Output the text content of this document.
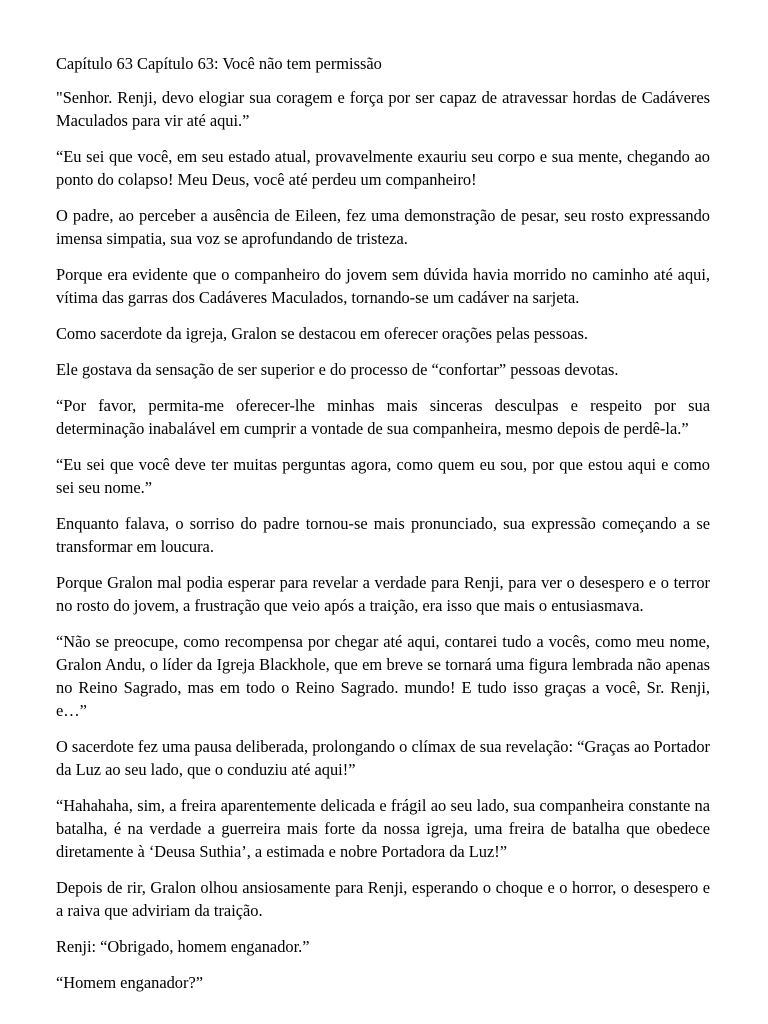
Capítulo 63 Capítulo 63: Você não tem permissão

"Senhor. Renji, devo elogiar sua coragem e força por ser capaz de atravessar hordas de Cadáveres Maculados para vir até aqui.”

“Eu sei que você, em seu estado atual, provavelmente exauriu seu corpo e sua mente, chegando ao ponto do colapso! Meu Deus, você até perdeu um companheiro!

O padre, ao perceber a ausência de Eileen, fez uma demonstração de pesar, seu rosto expressando imensa simpatia, sua voz se aprofundando de tristeza.

Porque era evidente que o companheiro do jovem sem dúvida havia morrido no caminho até aqui, vítima das garras dos Cadáveres Maculados, tornando-se um cadáver na sarjeta.

Como sacerdote da igreja, Gralon se destacou em oferecer orações pelas pessoas.

Ele gostava da sensação de ser superior e do processo de “confortar” pessoas devotas.

“Por favor, permita-me oferecer-lhe minhas mais sinceras desculpas e respeito por sua determinação inabalável em cumprir a vontade de sua companheira, mesmo depois de perdê-la.”

“Eu sei que você deve ter muitas perguntas agora, como quem eu sou, por que estou aqui e como sei seu nome.”

Enquanto falava, o sorriso do padre tornou-se mais pronunciado, sua expressão começando a se transformar em loucura.

Porque Gralon mal podia esperar para revelar a verdade para Renji, para ver o desespero e o terror no rosto do jovem, a frustração que veio após a traição, era isso que mais o entusiasmava.

“Não se preocupe, como recompensa por chegar até aqui, contarei tudo a vocês, como meu nome, Gralon Andu, o líder da Igreja Blackhole, que em breve se tornará uma figura lembrada não apenas no Reino Sagrado, mas em todo o Reino Sagrado. mundo! E tudo isso graças a você, Sr. Renji, e…”

O sacerdote fez uma pausa deliberada, prolongando o clímax de sua revelação: “Graças ao Portador da Luz ao seu lado, que o conduziu até aqui!”

“Hahahaha, sim, a freira aparentemente delicada e frágil ao seu lado, sua companheira constante na batalha, é na verdade a guerreira mais forte da nossa igreja, uma freira de batalha que obedece diretamente à ‘Deusa Suthia’, a estimada e nobre Portadora da Luz!”

Depois de rir, Gralon olhou ansiosamente para Renji, esperando o choque e o horror, o desespero e a raiva que adviriam da traição.

Renji: “Obrigado, homem enganador.”

“Homem enganador?”
